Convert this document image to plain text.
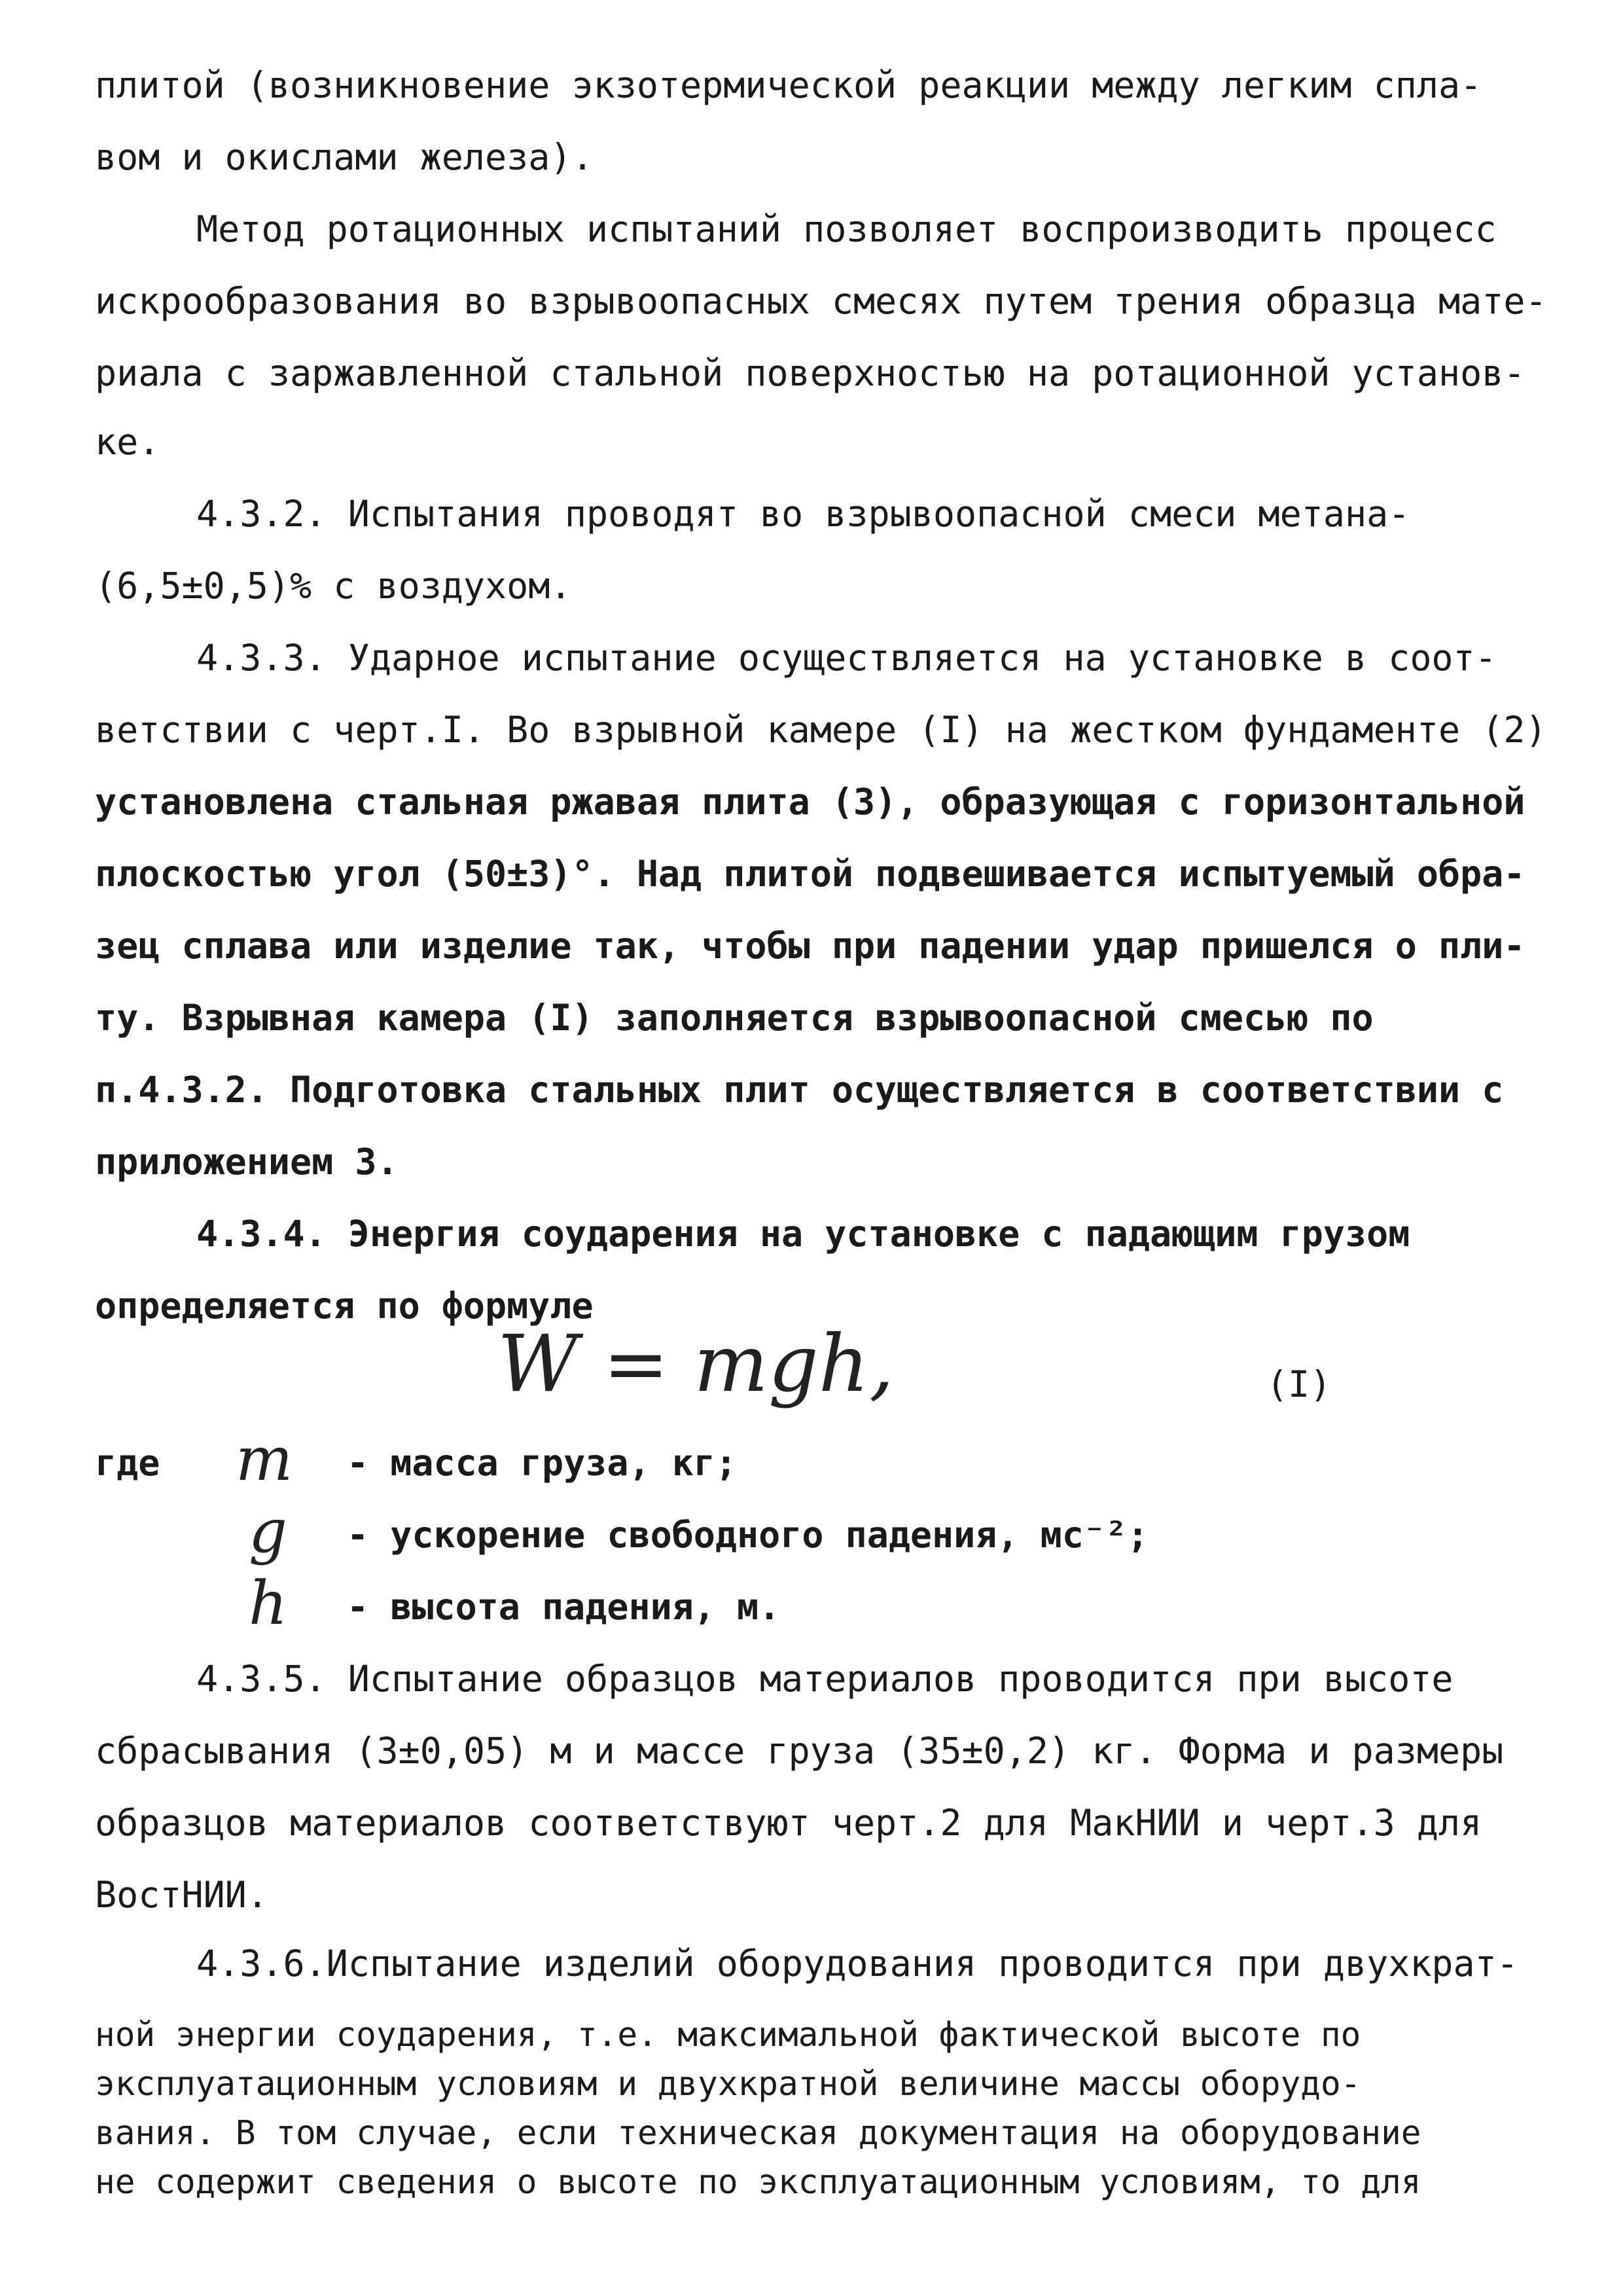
плитой (возникновение экзотермической реакции между легким спла-
вом и окислами железа).
Метод ротационных испытаний позволяет воспроизводить процесс
искрообразования во взрывоопасных смесях путем трения образца мате-
риала с заржавленной стальной поверхностью на ротационной установ-
ке.
4.3.2. Испытания проводят во взрывоопасной смеси метана-
(6,5±0,5)% с воздухом.
4.3.3. Ударное испытание осуществляется на установке в соот-
ветствии с черт.I. Во взрывной камере (I) на жестком фундаменте (2)
установлена стальная ржавая плита (3), образующая с горизонтальной
плоскостью угол (50±3)°. Над плитой подвешивается испытуемый обра-
зец сплава или изделие так, чтобы при падении удар пришелся о пли-
ту. Взрывная камера (I) заполняется взрывоопасной смесью по
п.4.3.2. Подготовка стальных плит осуществляется в соответствии с
приложением 3.
4.3.4. Энергия соударения на установке с падающим грузом
определяется по формуле
W = mgh,	(I)
где m - масса груза, кг;
g - ускорение свободного падения, мс⁻²;
h - высота падения, м.
4.3.5. Испытание образцов материалов проводится при высоте
сбрасывания (3±0,05) м и массе груза (35±0,2) кг. Форма и размеры
образцов материалов соответствуют черт.2 для МакНИИ и черт.3 для
ВостНИИ.
4.3.6.Испытание изделий оборудования проводится при двухкрат-
ной энергии соударения, т.е. максимальной фактической высоте по
эксплуатационным условиям и двухкратной величине массы оборудо-
вания. В том случае, если техническая документация на оборудование
не содержит сведения о высоте по эксплуатационным условиям, то для
